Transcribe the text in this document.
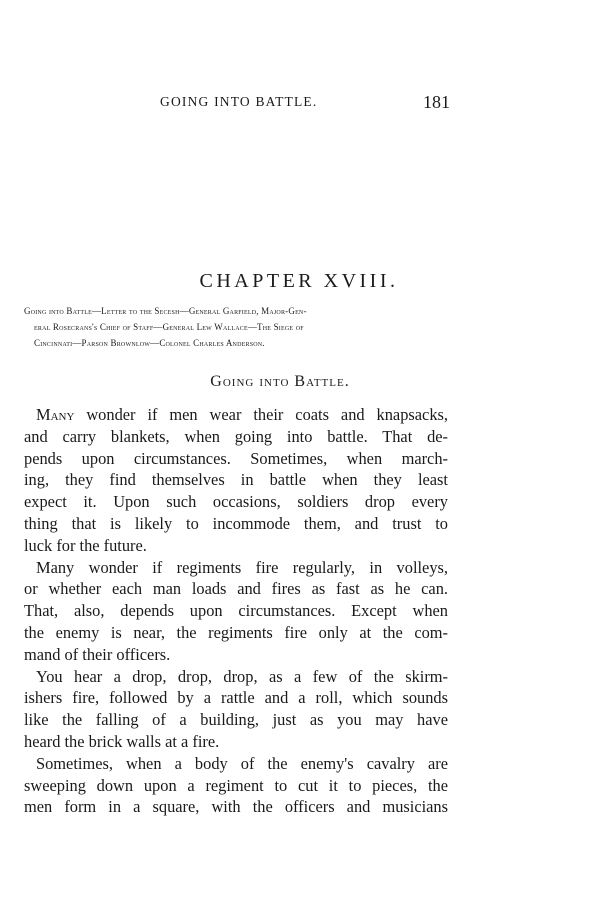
GOING INTO BATTLE.	181
CHAPTER XVIII.
Going into Battle—Letter to the Secesh—General Garfield, Major-Gen-
eral Rosecrans's Chief of Staff—General Lew Wallace—The Siege of
Cincinnati—Parson Brownlow—Colonel Charles Anderson.
Going into Battle.
Many wonder if men wear their coats and knapsacks,
and carry blankets, when going into battle. That de-
pends upon circumstances. Sometimes, when march-
ing, they find themselves in battle when they least
expect it. Upon such occasions, soldiers drop every
thing that is likely to incommode them, and trust to
luck for the future.
Many wonder if regiments fire regularly, in volleys,
or whether each man loads and fires as fast as he can.
That, also, depends upon circumstances. Except when
the enemy is near, the regiments fire only at the com-
mand of their officers.
You hear a drop, drop, drop, as a few of the skirm-
ishers fire, followed by a rattle and a roll, which sounds
like the falling of a building, just as you may have
heard the brick walls at a fire.
Sometimes, when a body of the enemy's cavalry are
sweeping down upon a regiment to cut it to pieces, the
men form in a square, with the officers and musicians
